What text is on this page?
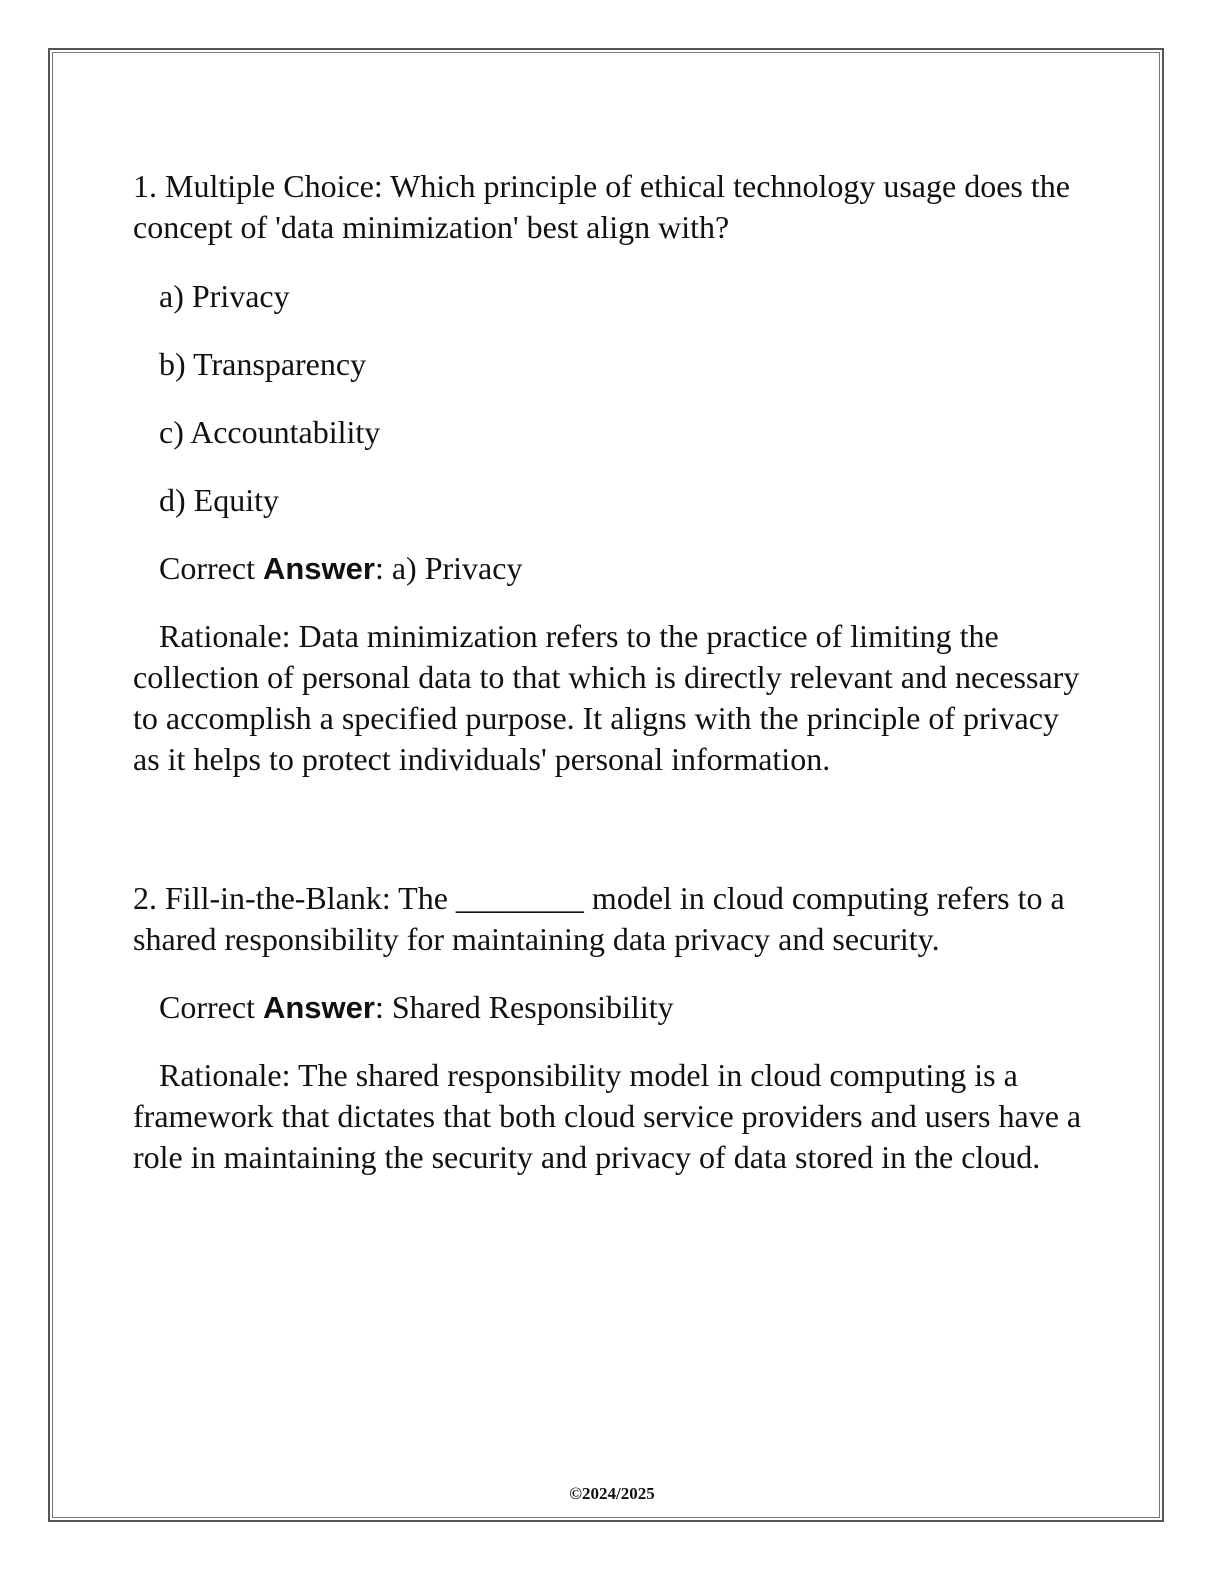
1. Multiple Choice: Which principle of ethical technology usage does the concept of 'data minimization' best align with?

a) Privacy

b) Transparency

c) Accountability

d) Equity

Correct Answer: a) Privacy

Rationale: Data minimization refers to the practice of limiting the collection of personal data to that which is directly relevant and necessary to accomplish a specified purpose. It aligns with the principle of privacy as it helps to protect individuals' personal information.

2. Fill-in-the-Blank: The ________ model in cloud computing refers to a shared responsibility for maintaining data privacy and security.

Correct Answer: Shared Responsibility

Rationale: The shared responsibility model in cloud computing is a framework that dictates that both cloud service providers and users have a role in maintaining the security and privacy of data stored in the cloud.

©2024/2025
